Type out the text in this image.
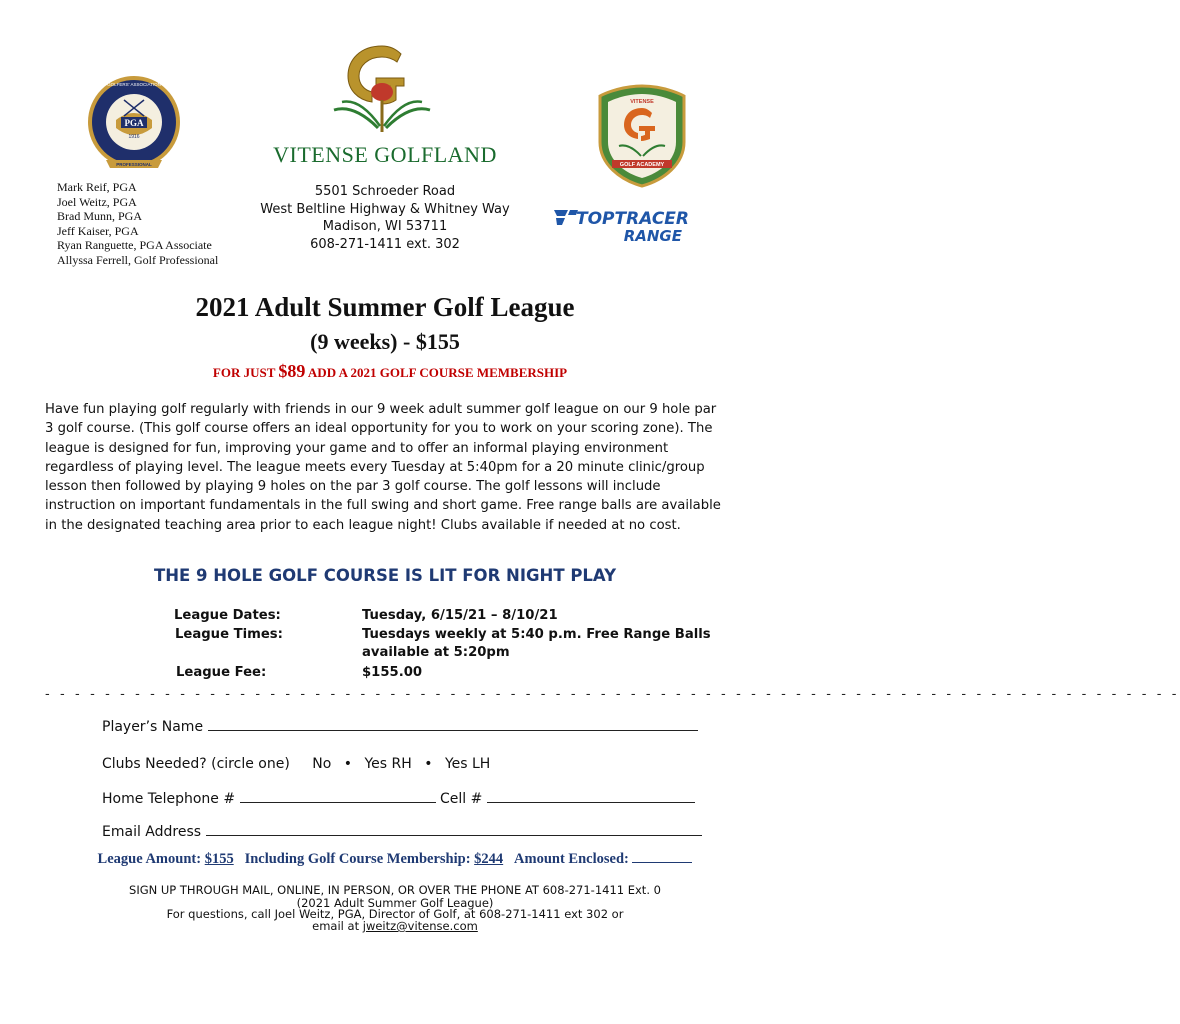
PGA
1916
PROFESSIONAL
GOLFERS' ASSOCIATION
VITENSE GOLFLAND	GOLF ACADEMY
VITENSE
TOPTRACER
RANGE
Mark Reif, PGA
Joel Weitz, PGA
Brad Munn, PGA
Jeff Kaiser, PGA
Ryan Ranguette, PGA Associate
Allyssa Ferrell, Golf Professional
5501 Schroeder Road
West Beltline Highway & Whitney Way
Madison, WI 53711
608-271-1411 ext. 302
2021 Adult Summer Golf League
(9 weeks) - $155
FOR JUST $89 ADD A 2021 GOLF COURSE MEMBERSHIP
Have fun playing golf regularly with friends in our 9 week adult summer golf league on our 9 hole par 3 golf course. (This golf course offers an ideal opportunity for you to work on your scoring zone). The league is designed for fun, improving your game and to offer an informal playing environment regardless of playing level. The league meets every Tuesday at 5:40pm for a 20 minute clinic/group lesson then followed by playing 9 holes on the par 3 golf course. The golf lessons will include instruction on important fundamentals in the full swing and short game. Free range balls are available in the designated teaching area prior to each league night! Clubs available if needed at no cost.
THE 9 HOLE GOLF COURSE IS LIT FOR NIGHT PLAY
League Dates:	Tuesday, 6/15/21 – 8/10/21
League Times:	Tuesdays weekly at 5:40 p.m. Free Range Balls available at 5:20pm
League Fee:	$155.00
- - - - - - - - - - - - - - - - - - - - - - - - - - - - - - - - - - - - - - - - - - - - - - - - - - - - - - - - - - - - - - - - - - - - - - - - - - - -
Player’s Name
Clubs Needed? (circle one) No • Yes RH • Yes LH
Home Telephone #	Cell #
Email Address
League Amount: $155 Including Golf Course Membership: $244 Amount Enclosed:
SIGN UP THROUGH MAIL, ONLINE, IN PERSON, OR OVER THE PHONE AT 608-271-1411 Ext. 0
(2021 Adult Summer Golf League)
For questions, call Joel Weitz, PGA, Director of Golf, at 608-271-1411 ext 302 or
email at jweitz@vitense.com
